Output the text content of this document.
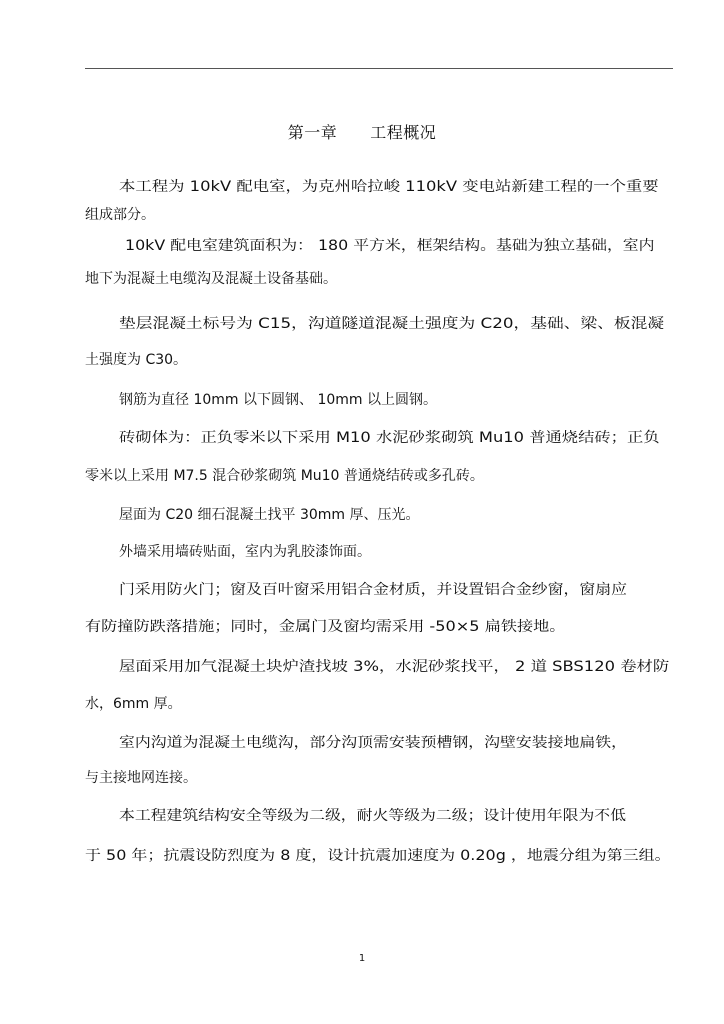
第一章　　工程概况
本工程为 10kV 配电室，为克州哈拉峻 110kV 变电站新建工程的一个重要
组成部分。
10kV 配电室建筑面积为： 180 平方米，框架结构。基础为独立基础，室内
地下为混凝土电缆沟及混凝土设备基础。
垫层混凝土标号为 C15，沟道隧道混凝土强度为 C20，基础、梁、板混凝
土强度为 C30。
钢筋为直径 10mm 以下圆钢、 10mm 以上圆钢。
砖砌体为：正负零米以下采用 M10 水泥砂浆砌筑 Mu10 普通烧结砖；正负
零米以上采用 M7.5 混合砂浆砌筑 Mu10 普通烧结砖或多孔砖。
屋面为 C20 细石混凝土找平 30mm 厚、压光。
外墙采用墙砖贴面，室内为乳胶漆饰面。
门采用防火门；窗及百叶窗采用铝合金材质，并设置铝合金纱窗，窗扇应
有防撞防跌落措施；同时，金属门及窗均需采用 -50×5 扁铁接地。
屋面采用加气混凝土块炉渣找坡 3%，水泥砂浆找平， 2 道 SBS120 卷材防
水，6mm 厚。
室内沟道为混凝土电缆沟，部分沟顶需安装预槽钢，沟壁安装接地扁铁，
与主接地网连接。
本工程建筑结构安全等级为二级，耐火等级为二级；设计使用年限为不低
于 50 年；抗震设防烈度为 8 度，设计抗震加速度为 0.20g ，地震分组为第三组。
1
